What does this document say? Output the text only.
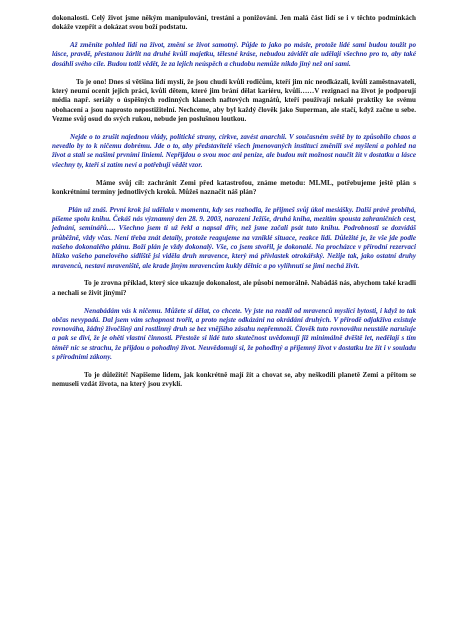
dokonalosti. Celý život jsme někým manipulováni, trestáni a ponižováni. Jen malá část lidí se i v těchto podmínkách dokáže vzepřít a dokázat svou boží podstatu.

Až změníte pohled lidí na život, změní se život samotný. Půjde to jako po másle, protože lidé sami budou toužit po lásce, pravdě, přestanou žárlit na druhé kvůli majetku, tělesné krásе, nebudou závidět ale udělají všechno pro to, aby také dosáhli svého cíle. Budou totiž vědět, že za lejich neúspěch a chudobu nemůže nikdo jiný než oni sami.

To je ono! Dnes si většina lidí myslí, že jsou chudí kvůli rodičům, kteří jim nic neodkázali, kvůli zaměstnavateli, který neumí ocenit jejich práci, kvůli dětem, které jim brání dělat kariéru, kvůli……V rezignaci na život je podporují média např. seriály o úspěšných rodinných klanech naftových magnátů, kteří používají nekalé praktiky ke svému obohacení a jsou naprosto nepostižitelní. Nechceme, aby byl každý člověk jako Superman, ale stačí, když začne u sebe. Vezme svůj osud do svých rukou, nebude jen poslušnou loutkou.

Nejde o to zrušit najednou vlády, politické strany, církve, zavést anarchii. V současném světě by to způsobilo chaos a nevedlo by to k ničemu dobrému. Jde o to, aby představitelé všech jmenovaných institucí změnili své myšlení a pohled na život a stali se našimi prvními liniemi. Nepřijdou o svou moc ani peníze, ale budou mít možnost naučit žít v dostatku a lásce všechny ty, kteří si zatím neví a potřebují vědět vzor.

Máme svůj cíl: zachránit Zemi před katastrofou, známe metodu: MLML, potřebujeme ještě plán s konkrétními termíny jednotlivých kroků. Můžeš naznačit náš plán?

Plán už znáš. První krok jsi udělala v momentu, kdy ses rozhodla, že přijmeš svůj úkol mesiášky. Další právě probíhá, píšeme spolu knihu. Čekáš nás významný den 28. 9. 2003, narození Ježíše, druhá kniha, mezitím spousta zahraničních cest, jednání, semínářů…. Všechno jsem ti už řekl a napsal dřív, než jsme začali psát tuto knihu. Podrobnosti se dozvídáš průběžně, vždy včas. Není třeba znát detaily, protože reagujeme na vzniklé situace, reakce lidí. Důležité je, že vše jde podle našeho dokonalého plánu. Boží plán je vždy dokonalý. Vše, co jsem stvořil, je dokonalé. Na procházce v přírodní rezervaci blízko vašeho panelového sídliště jsi viděla druh mravence, který má přívlastek otrokářský. Nežije tak, jako ostatní druhy mravenců, nestaví mraveniště, ale krade jiným mravencům kukly dělnic a po vylíhnutí se jimi nechá živit.

To je zrovna příklad, který sice ukazuje dokonalost, ale působí nemorálně. Nabádáš nás, abychom také kradli a nechali se živit jinými?

Nenabádám vás k ničemu. Můžete si dělat, co chcete. Vy jste na rozdíl od mravenců myslící bytosti, i když to tak občas nevypadá. Dal jsem vám schopnost tvořit, a proto nejste odkázáni na okrádání druhých. V přírodě odjakživa existuje rovnováha, žádný živočišný ani rostlinný druh se bez vnějšího zásahu nepřemnoží. Člověk tuto rovnováhu neustále narušuje a pak se diví, že je ohětí vlastní činnosti. Přestože si lidé tuto skutečnost uvědomují již minimálně dvěště let, nedělají s tím téměř nic se strachu, že přijdou o pohodlný život. Neuvědomují si, že pohodlný a příjemný život v dostatku lze žít i v souladu s přírodními zákony.

To je důležité! Napišeme lidem, jak konkrétně mají žít a chovat se, aby neškodili planetě Zemi a přitom se nemuseli vzdát života, na který jsou zvyklí.
